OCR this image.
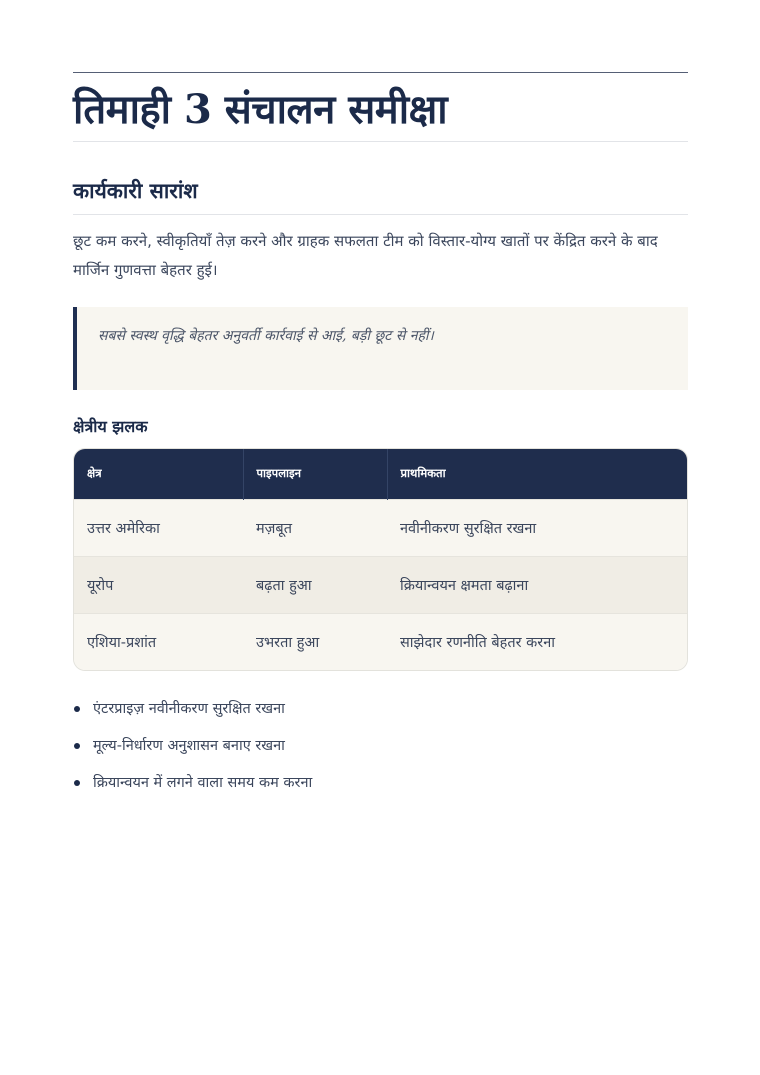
तिमाही 3 संचालन समीक्षा
कार्यकारी सारांश

छूट कम करने, स्वीकृतियाँ तेज़ करने और ग्राहक सफलता टीम को विस्तार-योग्य खातों पर केंद्रित करने के बाद मार्जिन गुणवत्ता बेहतर हुई।

सबसे स्वस्थ वृद्धि बेहतर अनुवर्ती कार्रवाई से आई, बड़ी छूट से नहीं।
क्षेत्रीय झलक
क्षेत्र	पाइपलाइन	प्राथमिकता
उत्तर अमेरिका	मज़बूत	नवीनीकरण सुरक्षित रखना
यूरोप	बढ़ता हुआ	क्रियान्वयन क्षमता बढ़ाना
एशिया-प्रशांत	उभरता हुआ	साझेदार रणनीति बेहतर करना
एंटरप्राइज़ नवीनीकरण सुरक्षित रखना
मूल्य-निर्धारण अनुशासन बनाए रखना
क्रियान्वयन में लगने वाला समय कम करना
